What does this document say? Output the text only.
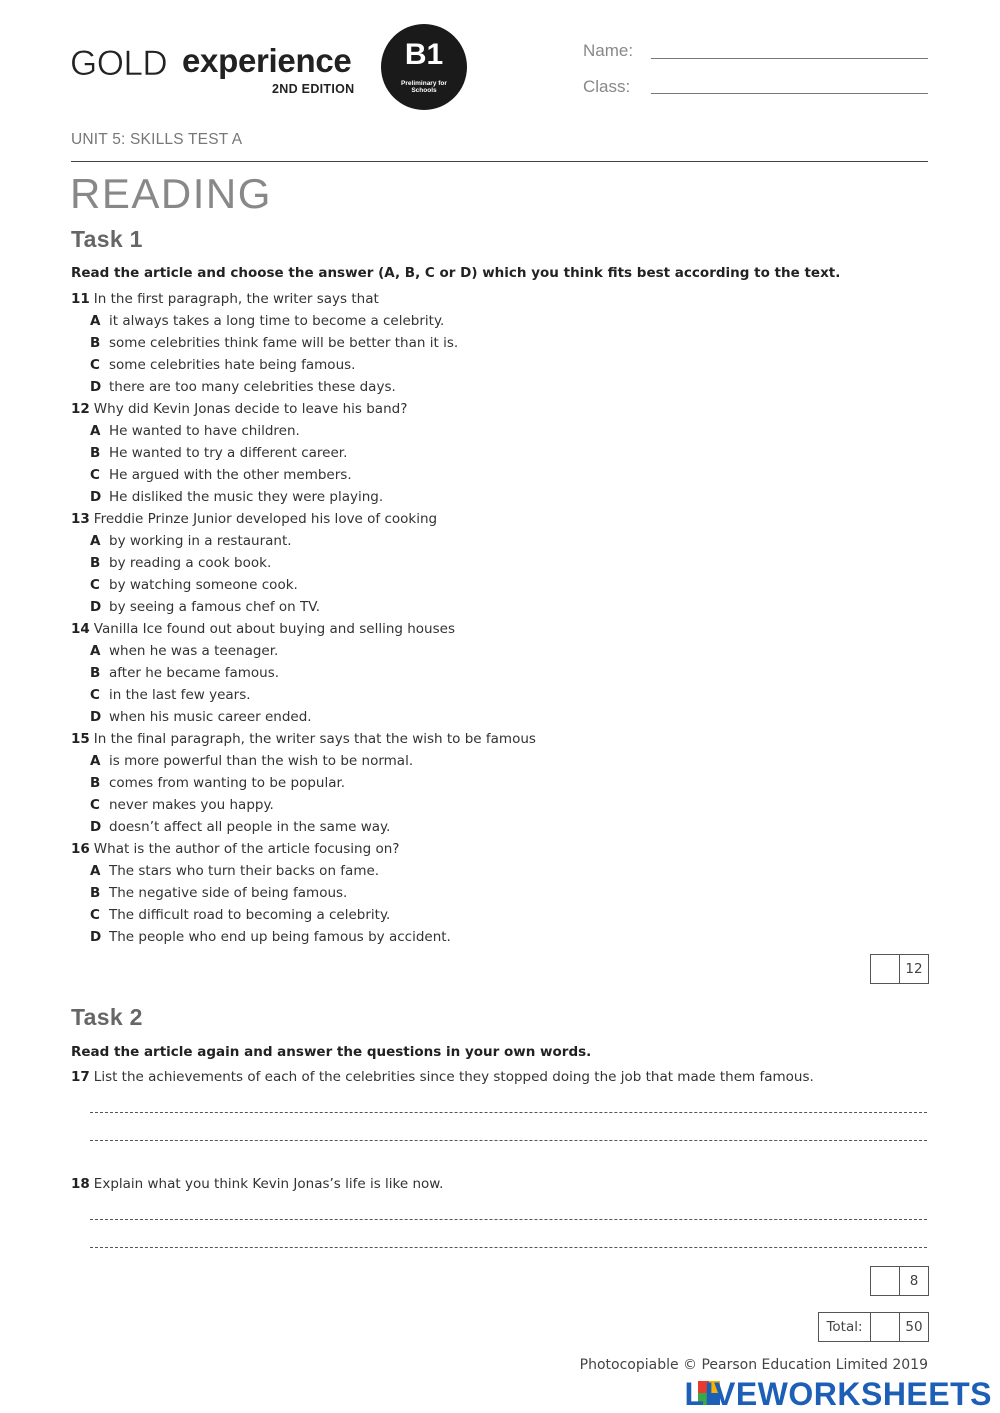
GOLD experience
2ND EDITION
B1
Preliminary for Schools
Name:
Class:
UNIT 5: SKILLS TEST A
READING
Task 1
Read the article and choose the answer (A, B, C or D) which you think fits best according to the text.
11 In the first paragraph, the writer says that
A it always takes a long time to become a celebrity.
B some celebrities think fame will be better than it is.
C some celebrities hate being famous.
D there are too many celebrities these days.
12 Why did Kevin Jonas decide to leave his band?
A He wanted to have children.
B He wanted to try a different career.
C He argued with the other members.
D He disliked the music they were playing.
13 Freddie Prinze Junior developed his love of cooking
A by working in a restaurant.
B by reading a cook book.
C by watching someone cook.
D by seeing a famous chef on TV.
14 Vanilla Ice found out about buying and selling houses
A when he was a teenager.
B after he became famous.
C in the last few years.
D when his music career ended.
15 In the final paragraph, the writer says that the wish to be famous
A is more powerful than the wish to be normal.
B comes from wanting to be popular.
C never makes you happy.
D doesn’t affect all people in the same way.
16 What is the author of the article focusing on?
A The stars who turn their backs on fame.
B The negative side of being famous.
C The difficult road to becoming a celebrity.
D The people who end up being famous by accident.
12
Task 2
Read the article again and answer the questions in your own words.
17 List the achievements of each of the celebrities since they stopped doing the job that made them famous.
18 Explain what you think Kevin Jonas’s life is like now.
8
Total:	50
Photocopiable © Pearson Education Limited 2019
LIVEWORKSHEETS
